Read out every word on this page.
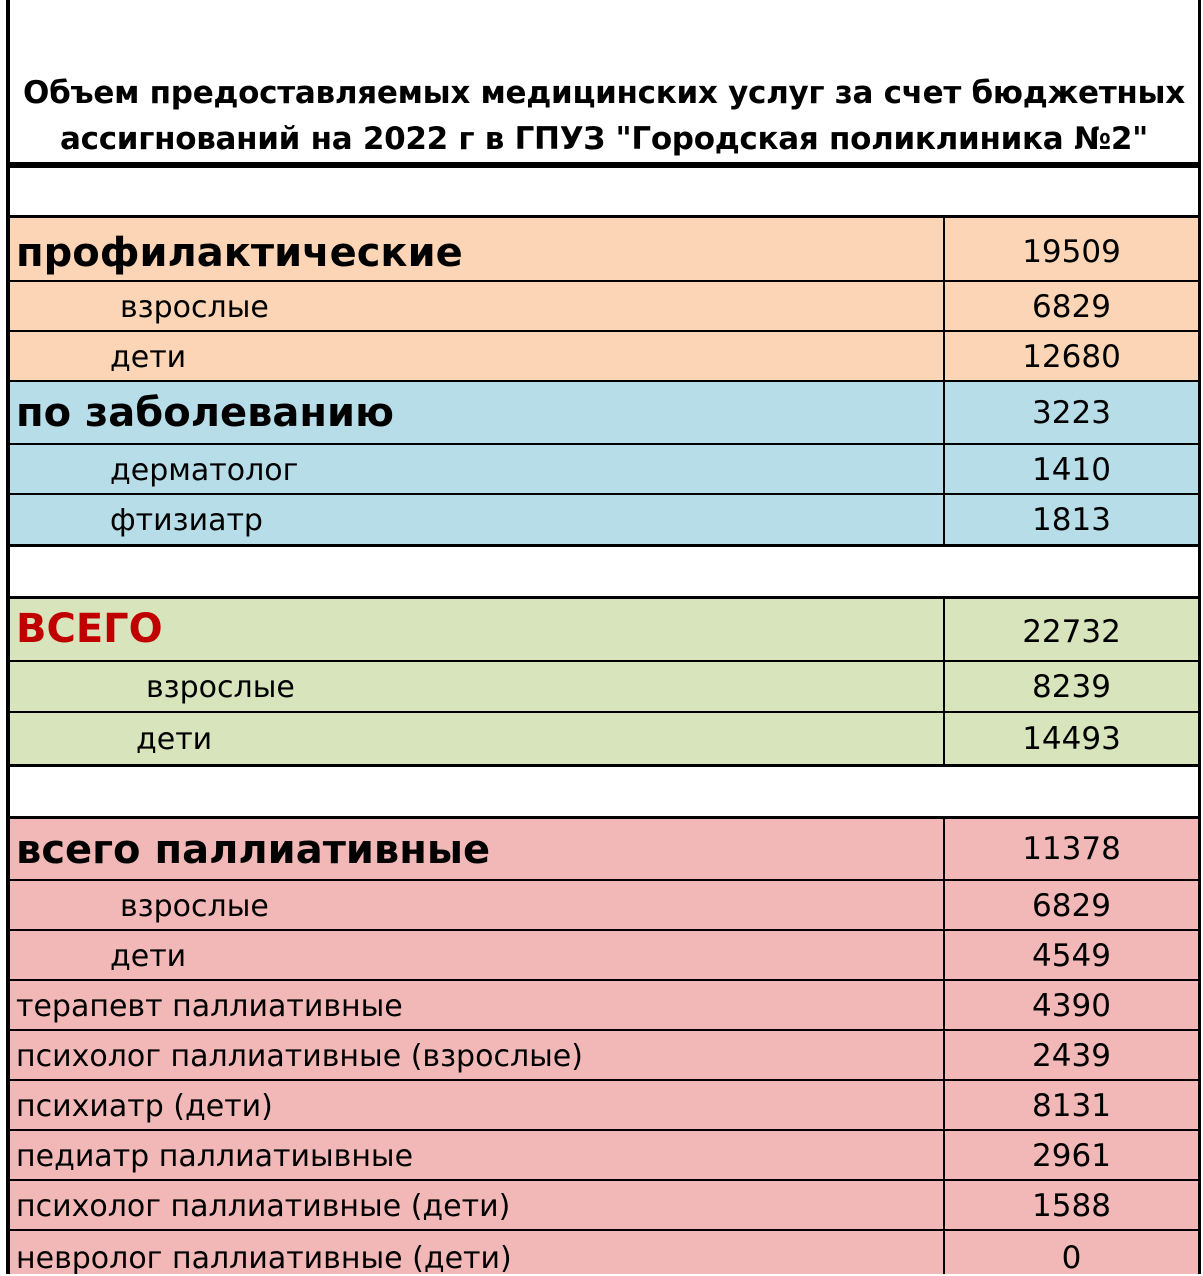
Объем предоставляемых медицинских услуг за счет бюджетных
ассигнований на 2022 г в ГПУЗ "Городская поликлиника №2"
профилактические	19509
взрослые	6829
дети	12680
по заболеванию	3223
дерматолог	1410
фтизиатр	1813
ВСЕГО	22732
взрослые	8239
дети	14493
всего паллиативные	11378
взрослые	6829
дети	4549
терапевт паллиативные	4390
психолог паллиативные (взрослые)	2439
психиатр (дети)	8131
педиатр паллиатиывные	2961
психолог паллиативные (дети)	1588
невролог паллиативные (дети)	0
